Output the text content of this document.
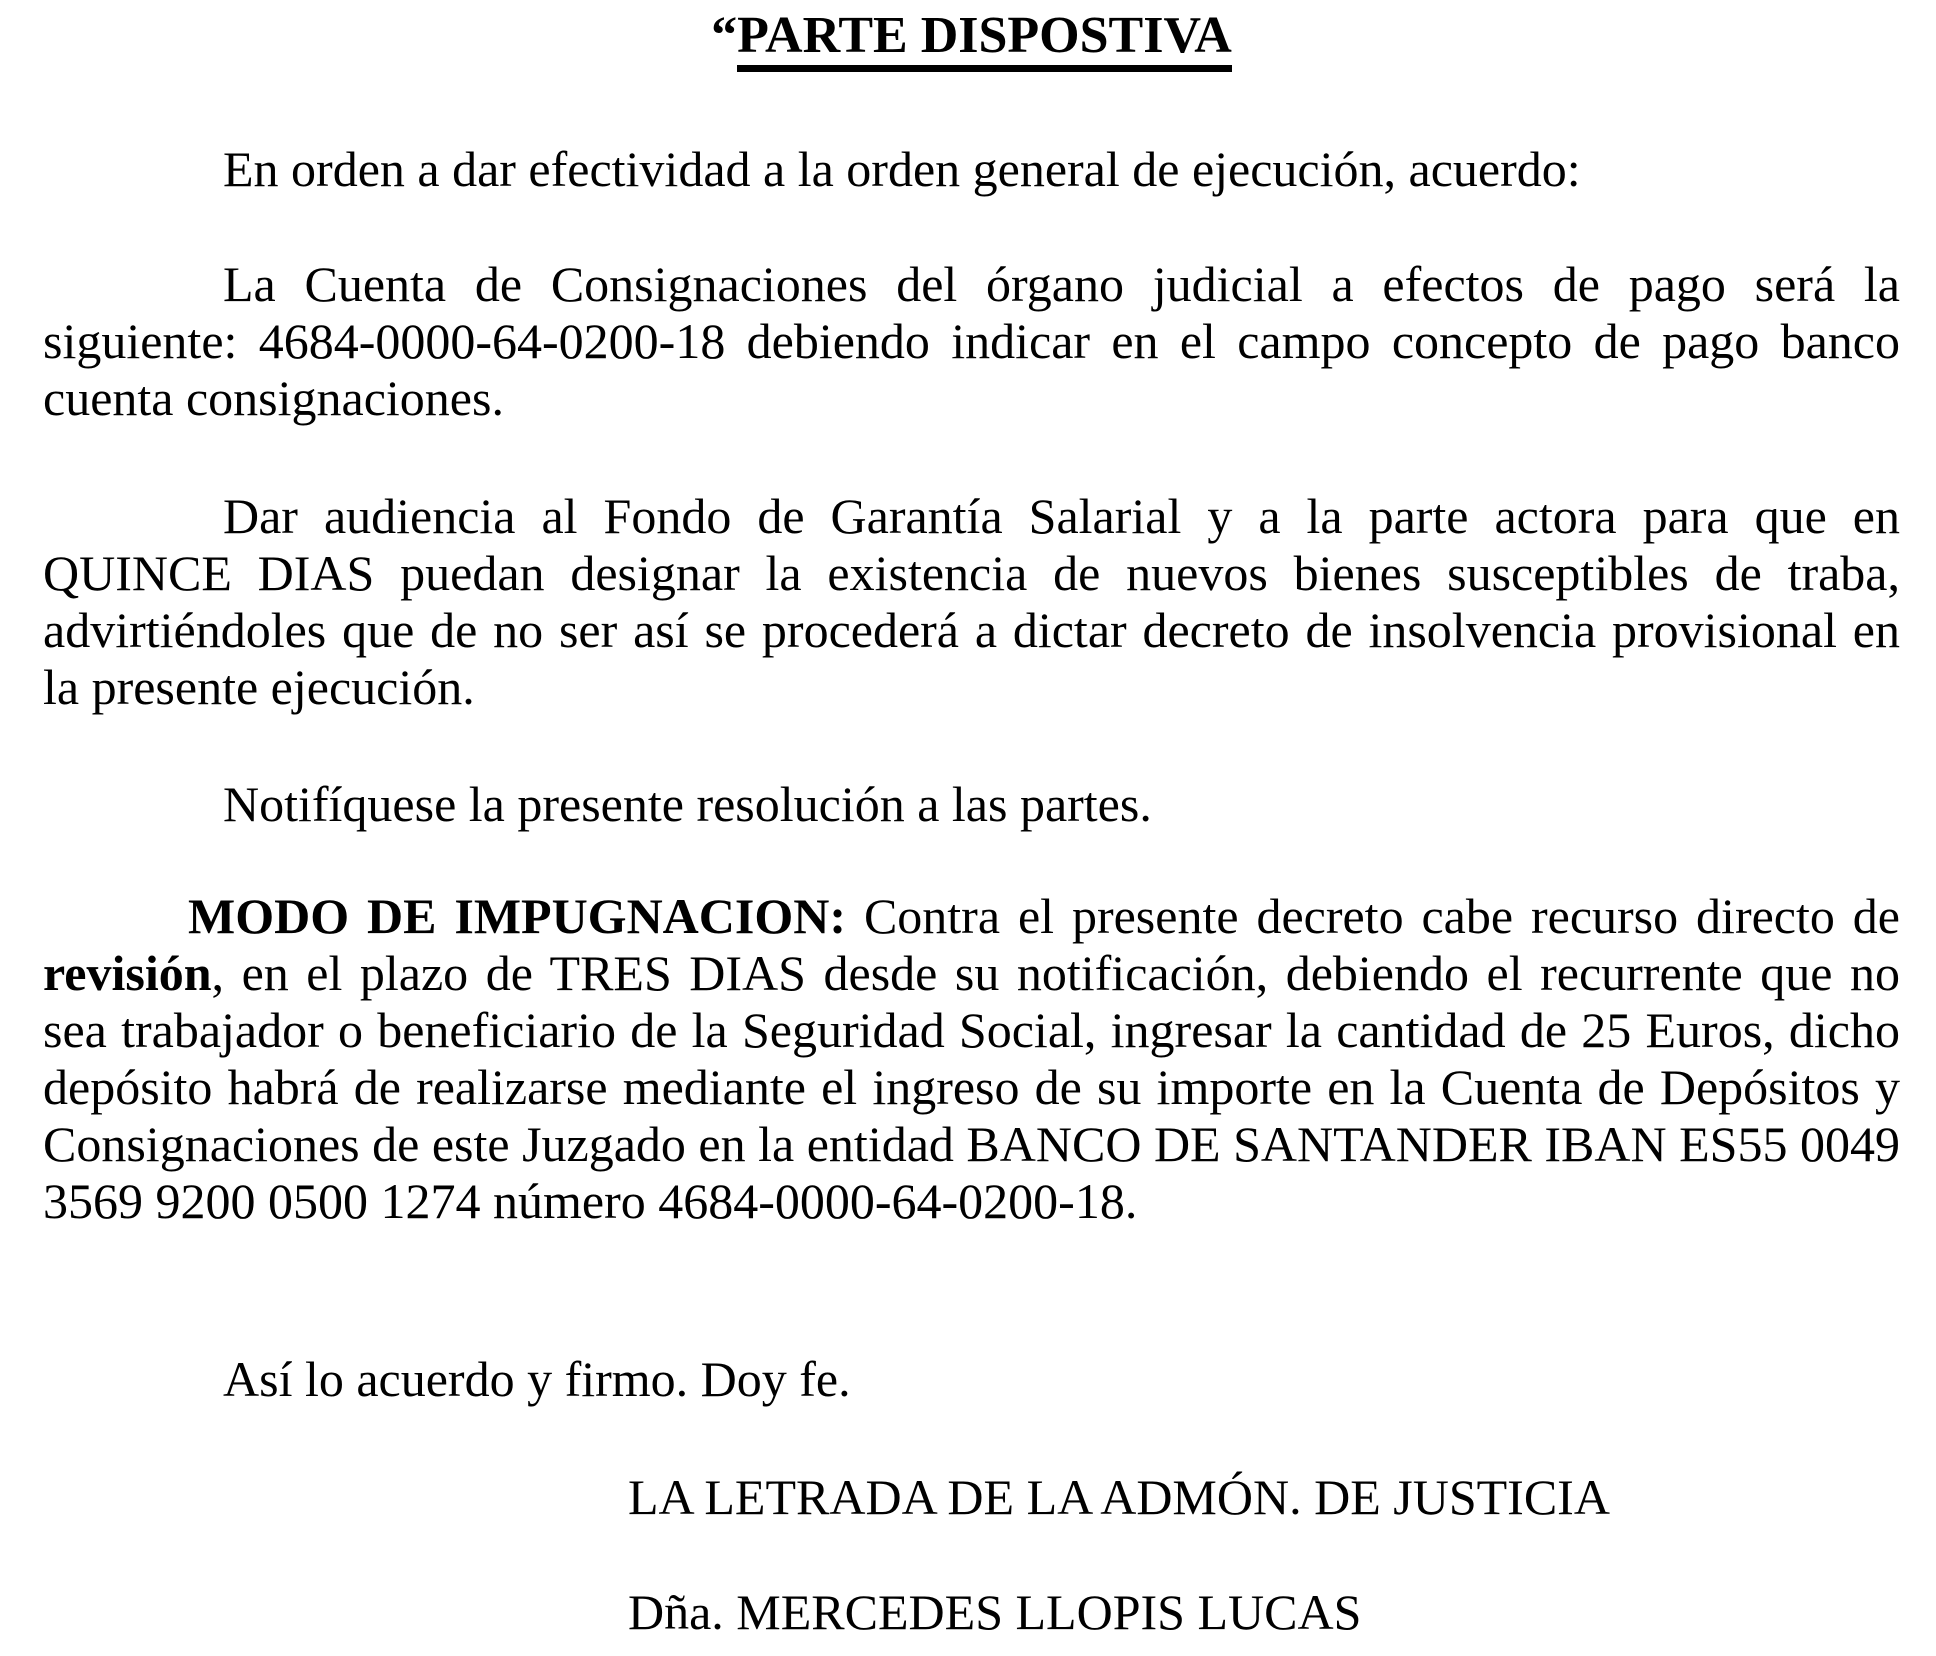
“PARTE DISPOSTIVA

En orden a dar efectividad a la orden general de ejecución, acuerdo:

La Cuenta de Consignaciones del órgano judicial a efectos de pago será la siguiente: 4684-0000-64-0200-18 debiendo indicar en el campo concepto de pago banco cuenta consignaciones.

Dar audiencia al Fondo de Garantía Salarial y a la parte actora para que en QUINCE DIAS puedan designar la existencia de nuevos bienes susceptibles de traba, advirtiéndoles que de no ser así se procederá a dictar decreto de insolvencia provisional en la presente ejecución.

Notifíquese la presente resolución a las partes.

MODO DE IMPUGNACION: Contra el presente decreto cabe recurso directo de revisión, en el plazo de TRES DIAS desde su notificación, debiendo el recurrente que no sea trabajador o beneficiario de la Seguridad Social, ingresar la cantidad de 25 Euros, dicho depósito habrá de realizarse mediante el ingreso de su importe en la Cuenta de Depósitos y Consignaciones de este Juzgado en la entidad BANCO DE SANTANDER IBAN ES55 0049 3569 9200 0500 1274 número 4684-0000-64-0200-18.

Así lo acuerdo y firmo. Doy fe.

LA LETRADA DE LA ADMÓN. DE JUSTICIA

Dña. MERCEDES LLOPIS LUCAS
